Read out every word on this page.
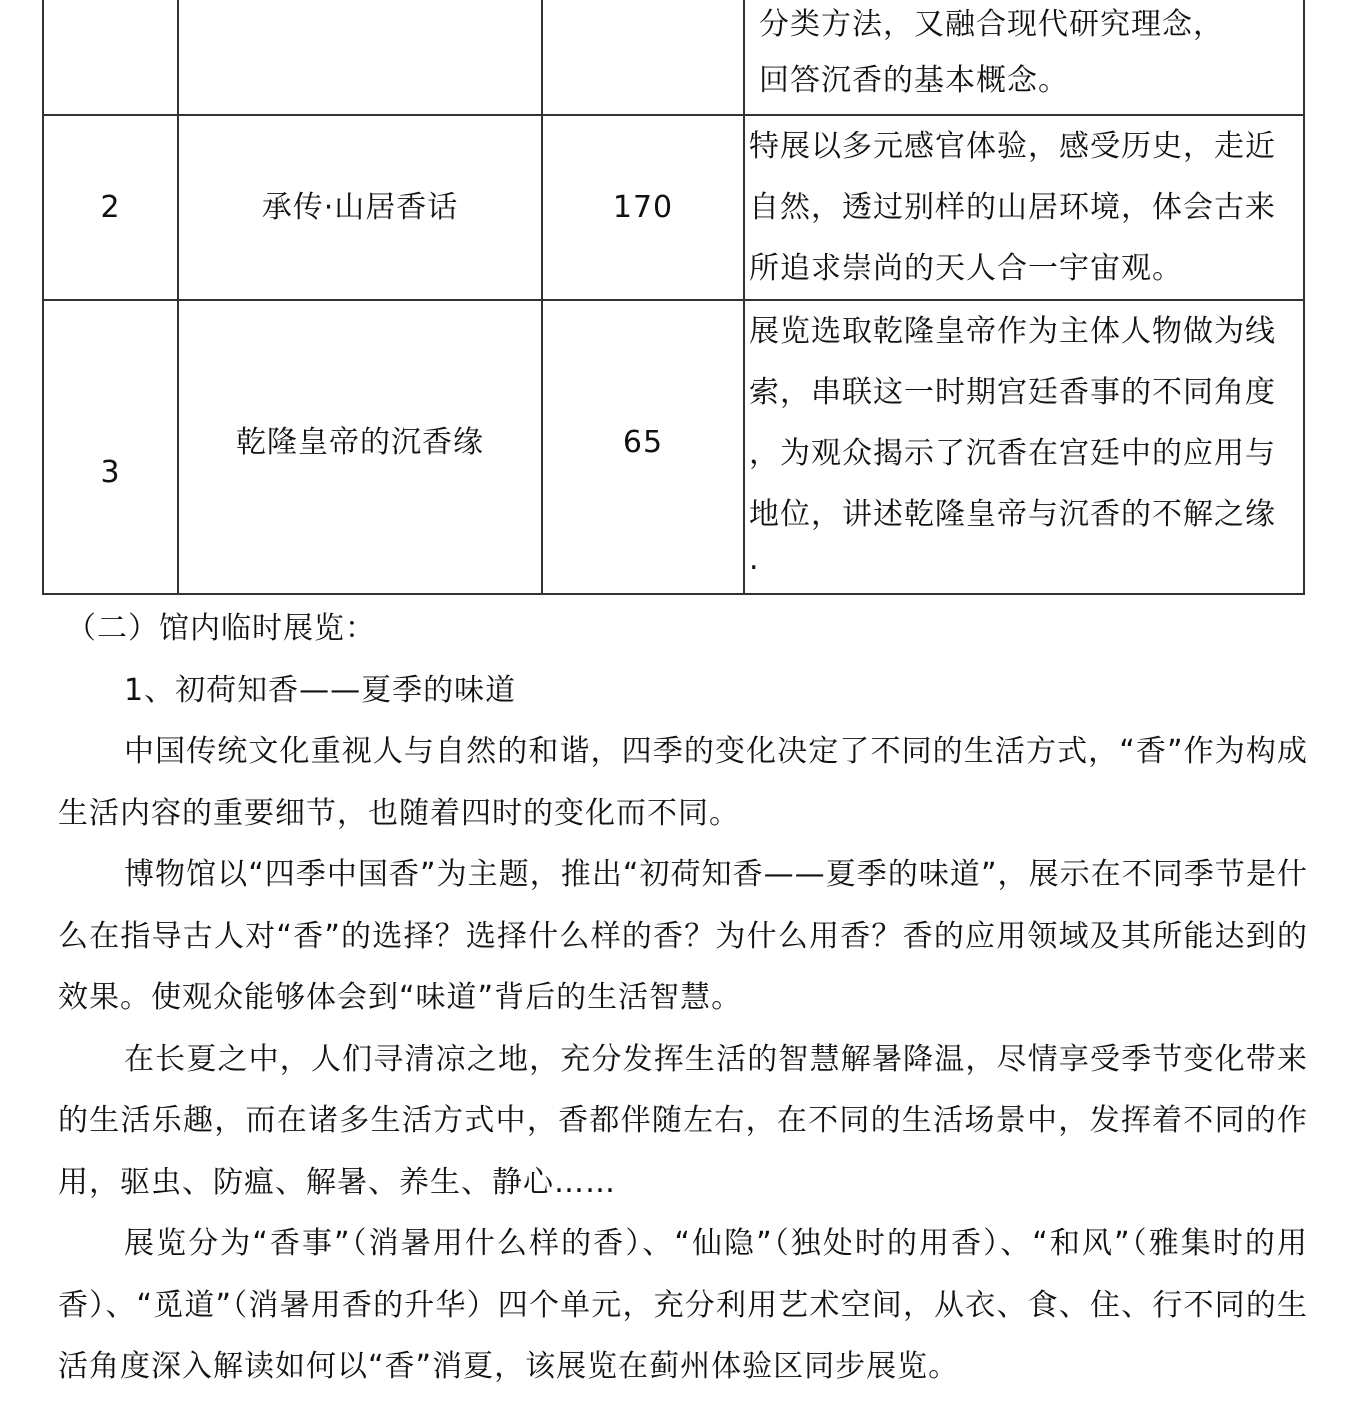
			分类方法，又融合现代研究理念，
回答沉香的基本概念。

2	承传·山居香话	170	特展以多元感官体验，感受历史，走近
自然，透过别样的山居环境，体会古来
所追求崇尚的天人合一宇宙观。

3	乾隆皇帝的沉香缘	65	展览选取乾隆皇帝作为主体人物做为线
索，串联这一时期宫廷香事的不同角度
，为观众揭示了沉香在宫廷中的应用与
地位，讲述乾隆皇帝与沉香的不解之缘
.

（二）馆内临时展览：

1、初荷知香——夏季的味道

中国传统文化重视人与自然的和谐，四季的变化决定了不同的生活方式，“香”作为构成生活内容的重要细节，也随着四时的变化而不同。

博物馆以“四季中国香”为主题，推出“初荷知香——夏季的味道”，展示在不同季节是什么在指导古人对“香”的选择？选择什么样的香？为什么用香？香的应用领域及其所能达到的效果。使观众能够体会到“味道”背后的生活智慧。

在长夏之中，人们寻清凉之地，充分发挥生活的智慧解暑降温，尽情享受季节变化带来的生活乐趣，而在诸多生活方式中，香都伴随左右，在不同的生活场景中，发挥着不同的作用，驱虫、防瘟、解暑、养生、静心……

展览分为“香事”（消暑用什么样的香）、“仙隐”（独处时的用香）、“和风”（雅集时的用香）、“觅道”（消暑用香的升华）四个单元，充分利用艺术空间，从衣、食、住、行不同的生活角度深入解读如何以“香”消夏，该展览在蓟州体验区同步展览。
